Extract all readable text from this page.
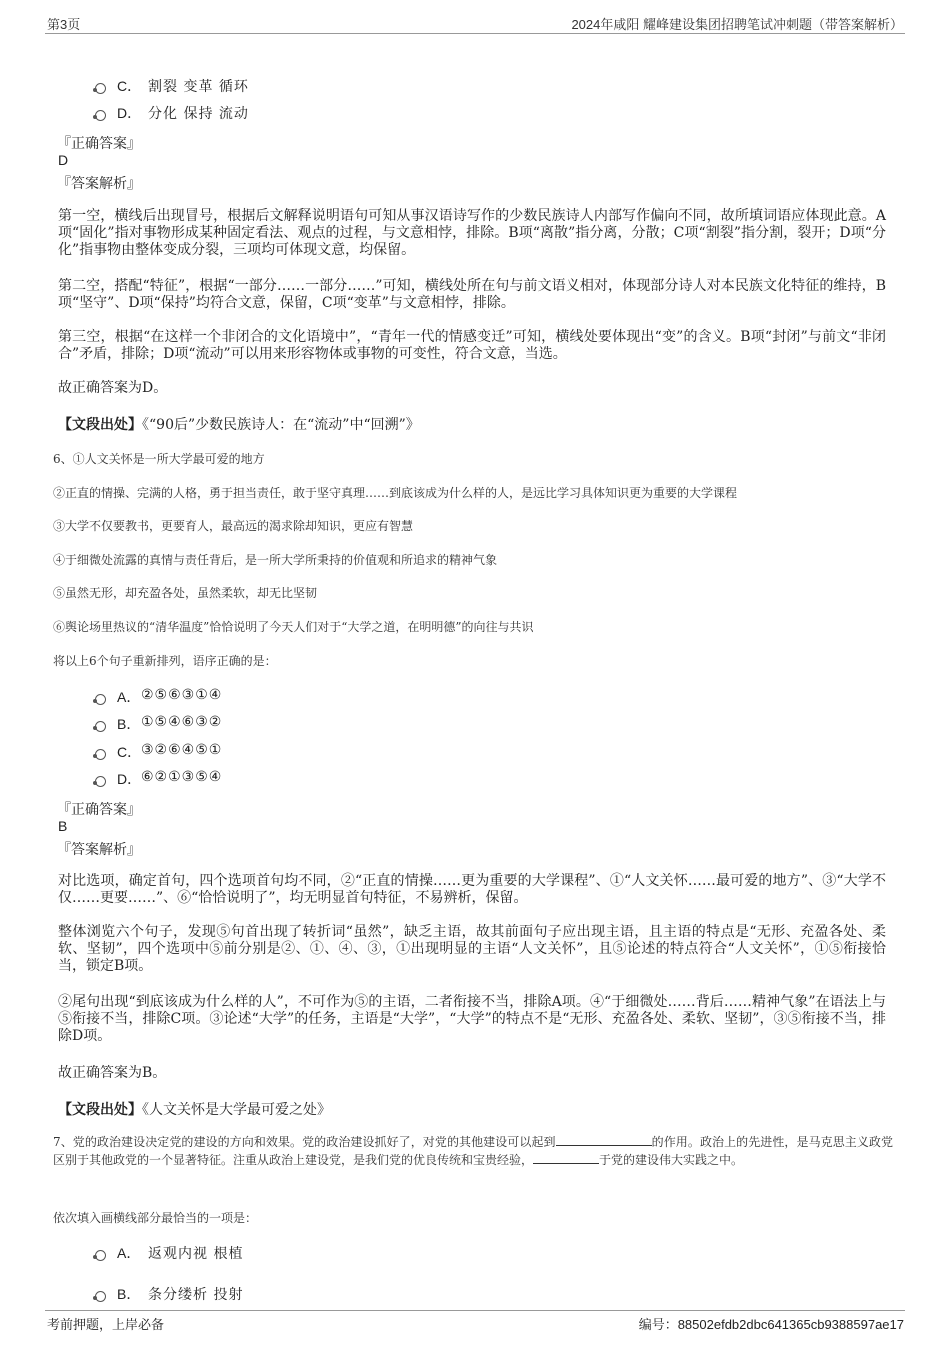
第3页	2024年咸阳 耀峰建设集团招聘笔试冲刺题（带答案解析）
C． 割裂 变革 循环
D． 分化 保持 流动
『正确答案』
D
『答案解析』
第一空，横线后出现冒号，根据后文解释说明语句可知从事汉语诗写作的少数民族诗人内部写作偏向不同，故所填词语应体现此意。A项“固化”指对事物形成某种固定看法、观点的过程，与文意相悖，排除。B项“离散”指分离，分散；C项“割裂”指分割，裂开；D项“分化”指事物由整体变成分裂，三项均可体现文意，均保留。
第二空，搭配“特征”，根据“一部分……一部分……”可知，横线处所在句与前文语义相对，体现部分诗人对本民族文化特征的维持，B项“坚守”、D项“保持”均符合文意，保留，C项“变革”与文意相悖，排除。
第三空，根据“在这样一个非闭合的文化语境中”，“青年一代的情感变迁”可知，横线处要体现出“变”的含义。B项“封闭”与前文“非闭合”矛盾，排除；D项“流动”可以用来形容物体或事物的可变性，符合文意，当选。
故正确答案为D。
【文段出处】《“90后”少数民族诗人：在“流动”中“回溯”》
6、①人文关怀是一所大学最可爱的地方
②正直的情操、完满的人格，勇于担当责任，敢于坚守真理……到底该成为什么样的人，是远比学习具体知识更为重要的大学课程
③大学不仅要教书，更要育人，最高远的渴求除却知识，更应有智慧
④于细微处流露的真情与责任背后，是一所大学所秉持的价值观和所追求的精神气象
⑤虽然无形，却充盈各处，虽然柔软，却无比坚韧
⑥舆论场里热议的“清华温度”恰恰说明了今天人们对于“大学之道，在明明德”的向往与共识
将以上6个句子重新排列，语序正确的是：
A． ②⑤⑥③①④
B． ①⑤④⑥③②
C． ③②⑥④⑤①
D． ⑥②①③⑤④
『正确答案』
B
『答案解析』
对比选项，确定首句，四个选项首句均不同，②“正直的情操……更为重要的大学课程”、①“人文关怀……最可爱的地方”、③“大学不仅……更要……”、⑥“恰恰说明了”，均无明显首句特征，不易辨析，保留。
整体浏览六个句子，发现⑤句首出现了转折词“虽然”，缺乏主语，故其前面句子应出现主语，且主语的特点是“无形、充盈各处、柔软、坚韧”，四个选项中⑤前分别是②、①、④、③，①出现明显的主语“人文关怀”，且⑤论述的特点符合“人文关怀”，①⑤衔接恰当，锁定B项。
②尾句出现“到底该成为什么样的人”，不可作为⑤的主语，二者衔接不当，排除A项。④“于细微处……背后……精神气象”在语法上与⑤衔接不当，排除C项。③论述“大学”的任务，主语是“大学”，“大学”的特点不是“无形、充盈各处、柔软、坚韧”，③⑤衔接不当，排除D项。
故正确答案为B。
【文段出处】《人文关怀是大学最可爱之处》
7、党的政治建设决定党的建设的方向和效果。党的政治建设抓好了，对党的其他建设可以起到	的作用。政治上的先进性，是马克思主义政党区别于其他政党的一个显著特征。注重从政治上建设党，是我们党的优良传统和宝贵经验，	于党的建设伟大实践之中。
依次填入画横线部分最恰当的一项是：
A． 返观内视 根植
B． 条分缕析 投射
考前押题，上岸必备	编号：88502efdb2dbc641365cb9388597ae17
